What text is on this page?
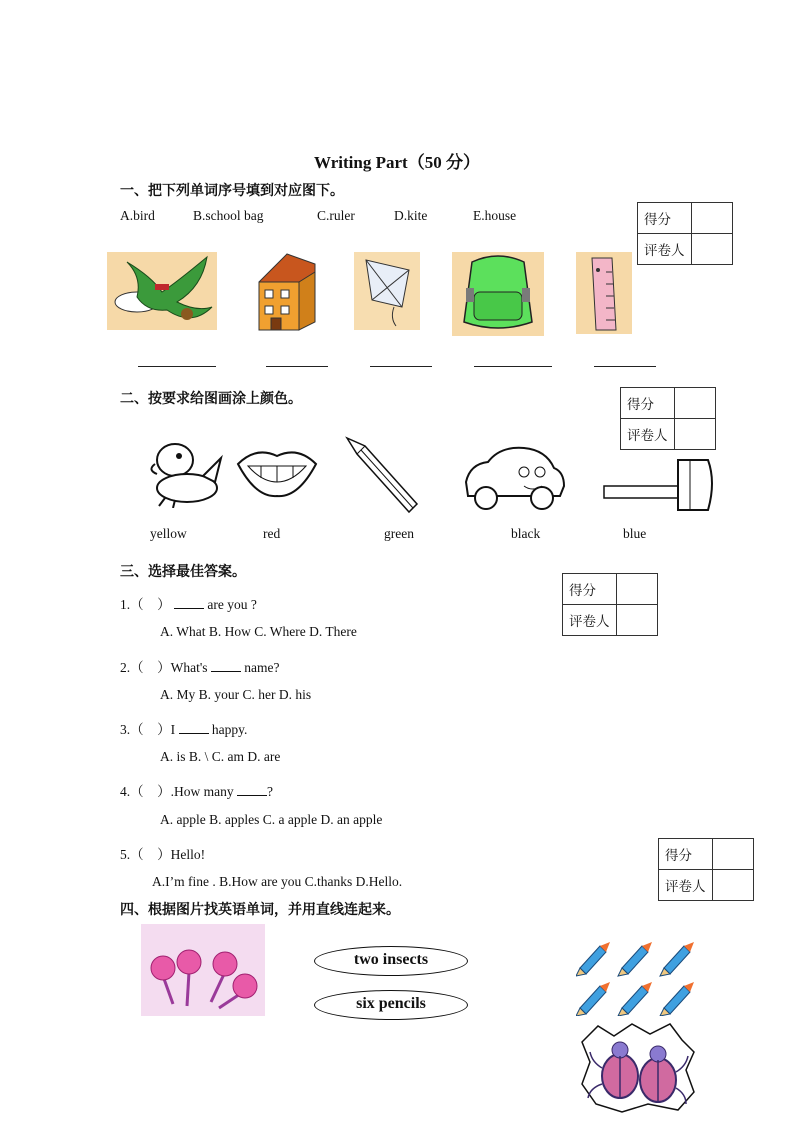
Writing Part（50 分）
一、把下列单词序号填到对应图下。
A.bird	B.school bag	C.ruler	D.kite	E.house	得分	
评卷人	
二、按要求给图画涂上颜色。	得分	
评卷人	
yellow	red	green	black	blue
三、选择最佳答案。
得分	
评卷人	
1.（　）  are you ?
A. What B. How C. Where D. There
2.（　）What's  name?
A. My B. your C. her D. his
3.（　）I  happy.
A. is B. \ C. am D. are
4.（　）.How many ?
A. apple B. apples C. a apple D. an apple
5.（　）Hello!
A.I’m fine . B.How are you C.thanks D.Hello.
得分	
评卷人	
四、根据图片找英语单词，并用直线连起来。
two insects
six pencils
